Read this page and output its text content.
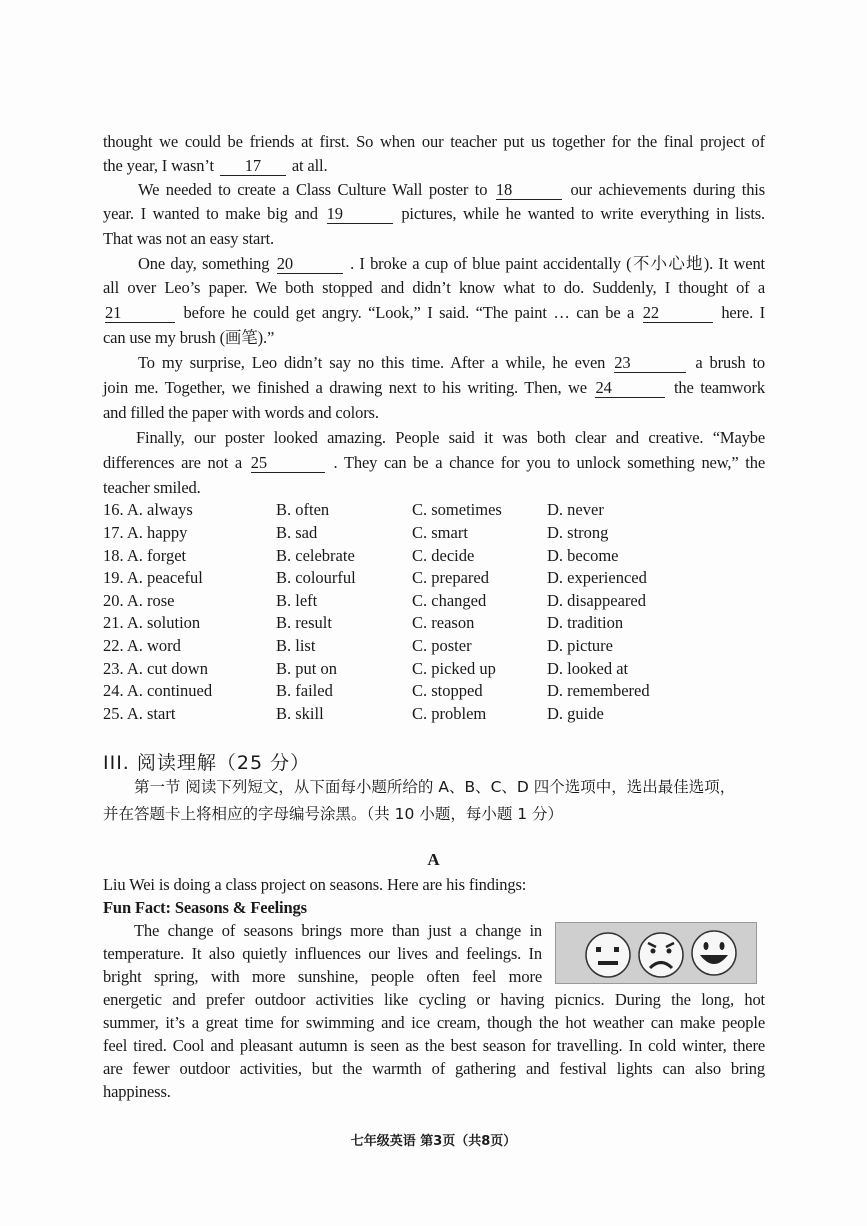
thought we could be friends at first. So when our teacher put us together for the final project of
the year, I wasn’t 17 at all.
We needed to create a Class Culture Wall poster to 18	our achievements during this
year. I wanted to make big and 19	pictures, while he wanted to write everything in lists.
That was not an easy start.
One day, something 20	. I broke a cup of blue paint accidentally (不小心地). It went
all over Leo’s paper. We both stopped and didn’t know what to do. Suddenly, I thought of a
21	before he could get angry. “Look,” I said. “The paint … can be a 22	here. I
can use my brush (画笔).”
To my surprise, Leo didn’t say no this time. After a while, he even 23	a brush to
join me. Together, we finished a drawing next to his writing. Then, we 24	the teamwork
and filled the paper with words and colors.
Finally, our poster looked amazing. People said it was both clear and creative. “Maybe
differences are not a 25	. They can be a chance for you to unlock something new,” the
teacher smiled.
16. A. always	B. often	C. sometimes	D. never
17. A. happy	B. sad	C. smart	D. strong
18. A. forget	B. celebrate	C. decide	D. become
19. A. peaceful	B. colourful	C. prepared	D. experienced
20. A. rose	B. left	C. changed	D. disappeared
21. A. solution	B. result	C. reason	D. tradition
22. A. word	B. list	C. poster	D. picture
23. A. cut down	B. put on	C. picked up	D. looked at
24. A. continued	B. failed	C. stopped	D. remembered
25. A. start	B. skill	C. problem	D. guide
III. 阅读理解（25 分）
第一节 阅读下列短文，从下面每小题所给的 A、B、C、D 四个选项中，选出最佳选项，
并在答题卡上将相应的字母编号涂黑。（共 10 小题，每小题 1 分）
A
Liu Wei is doing a class project on seasons. Here are his findings:
Fun Fact: Seasons & Feelings
The change of seasons brings more than just a change in
temperature. It also quietly influences our lives and feelings. In
bright spring, with more sunshine, people often feel more
energetic and prefer outdoor activities like cycling or having picnics. During the long, hot
summer, it’s a great time for swimming and ice cream, though the hot weather can make people
feel tired. Cool and pleasant autumn is seen as the best season for travelling. In cold winter, there
are fewer outdoor activities, but the warmth of gathering and festival lights can also bring
happiness.
七年级英语 第3页（共8页）
